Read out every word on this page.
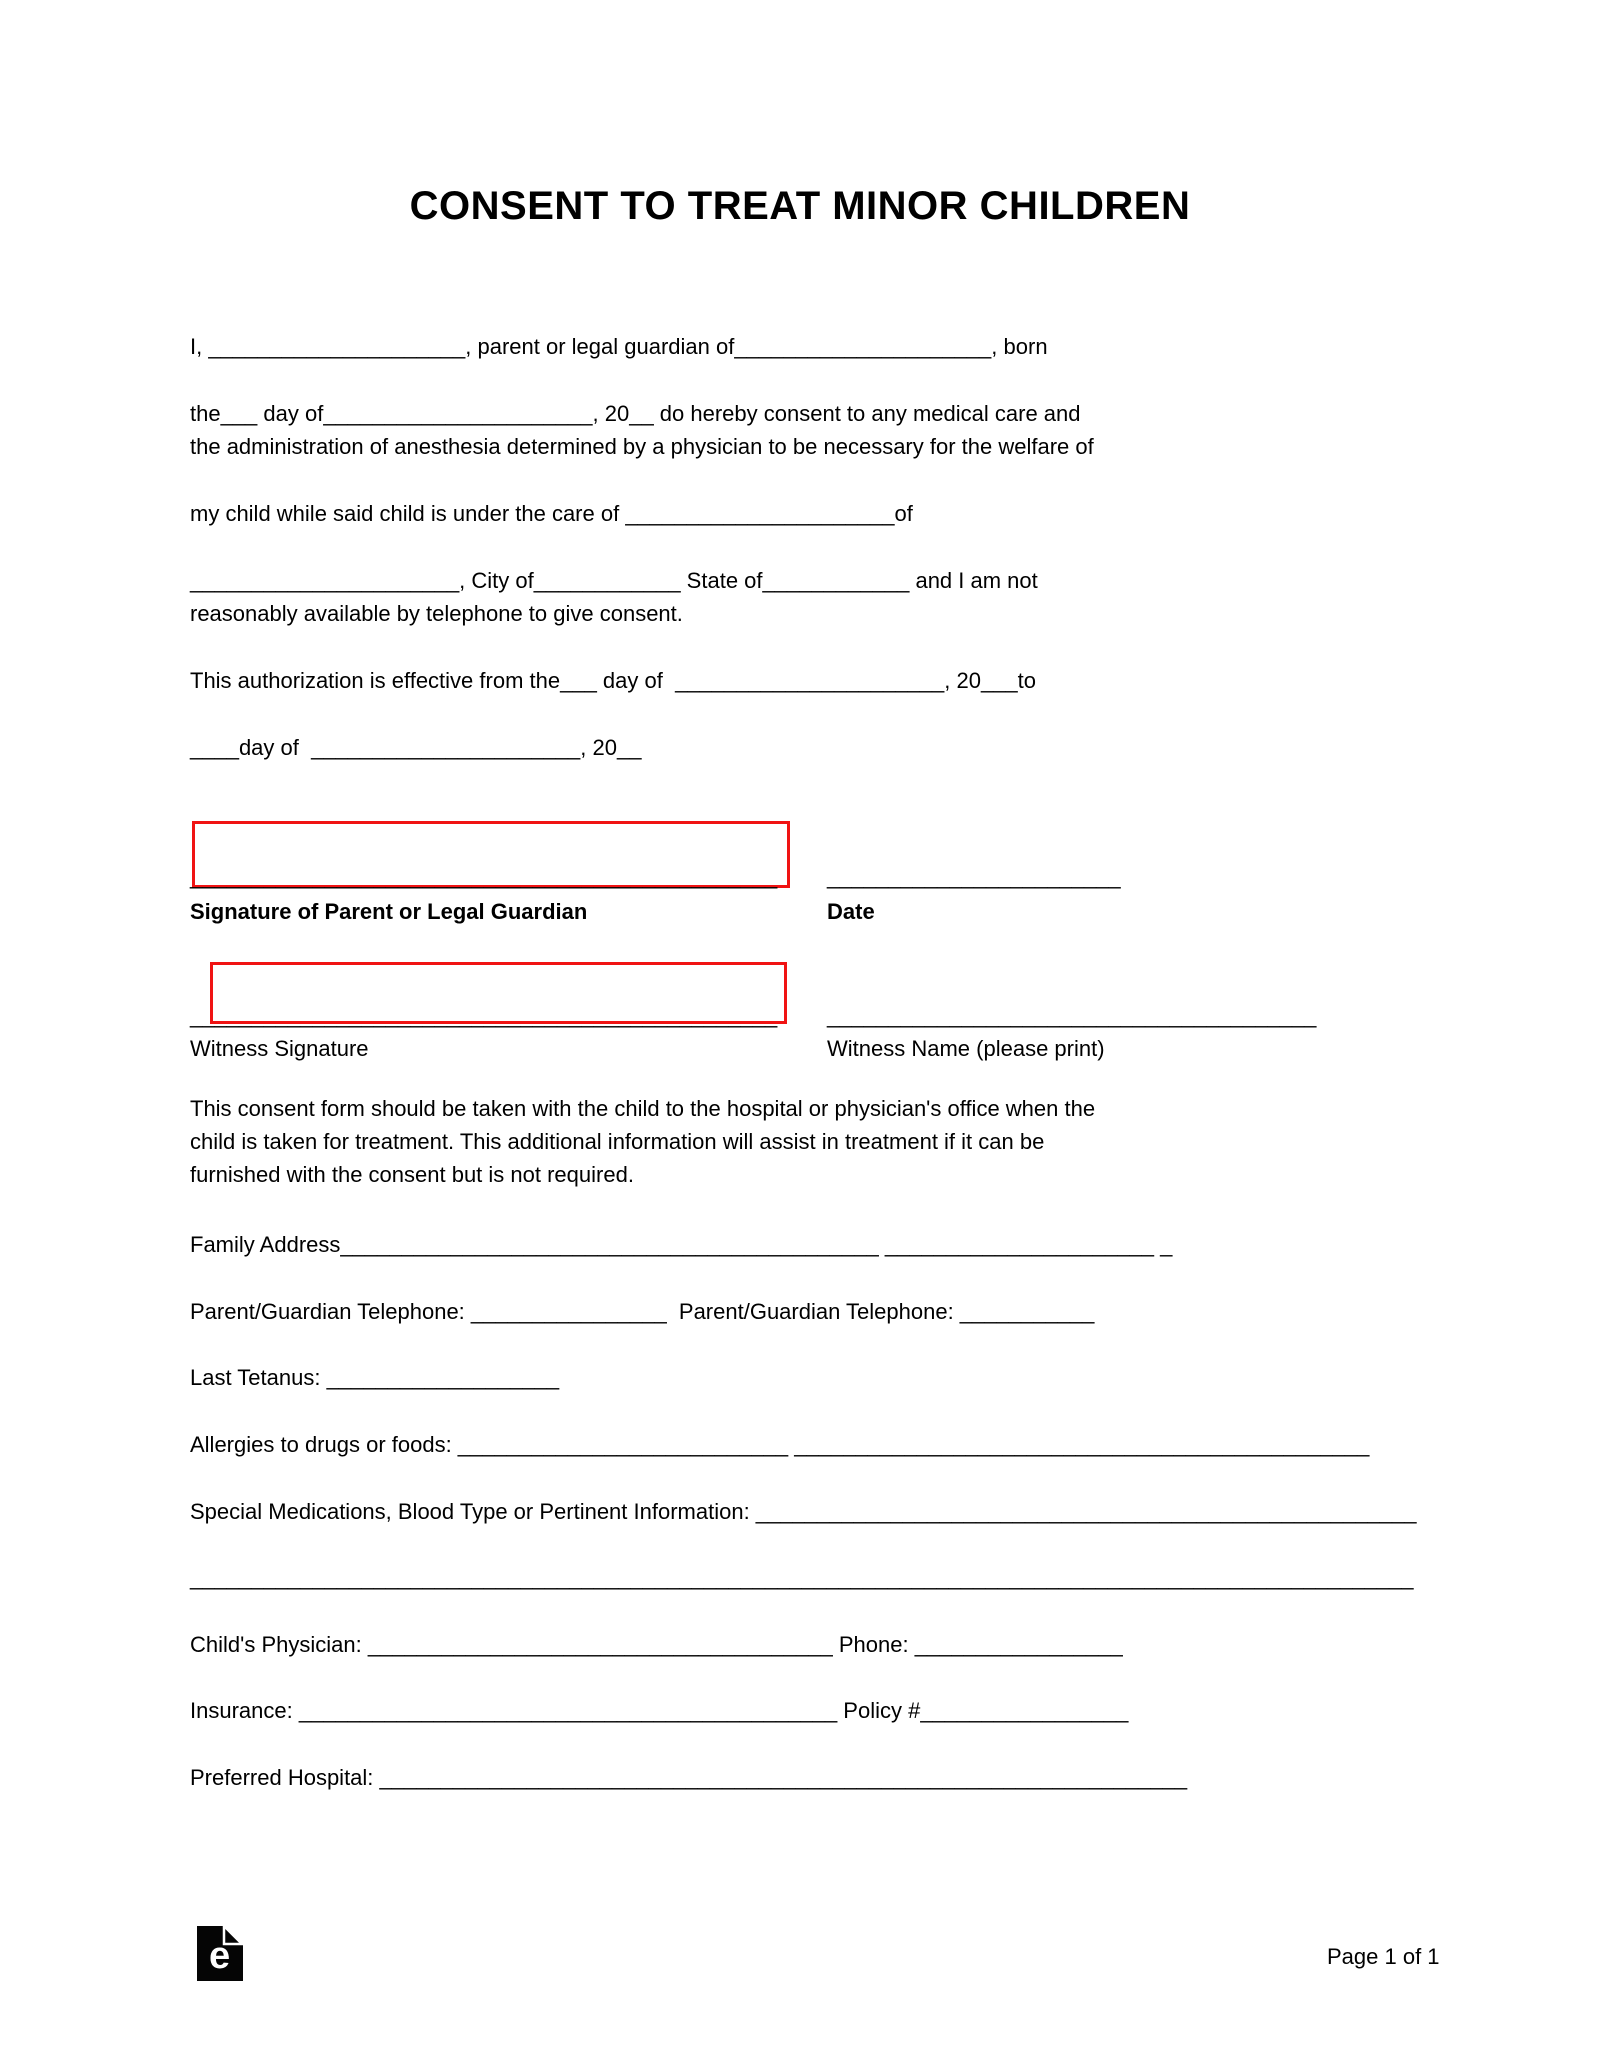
CONSENT TO TREAT MINOR CHILDREN
I, _____________________, parent or legal guardian of_____________________, born
the___ day of______________________, 20__ do hereby consent to any medical care and
the administration of anesthesia determined by a physician to be necessary for the welfare of
my child while said child is under the care of ______________________of
______________________, City of____________ State of____________ and I am not
reasonably available by telephone to give consent.
This authorization is effective from the___ day of  ______________________, 20___to
____day of  ______________________, 20__
________________________________________________ ________________________
Signature of Parent or Legal Guardian	Date
________________________________________________ ________________________________________
Witness Signature	Witness Name (please print)
This consent form should be taken with the child to the hospital or physician's office when the
child is taken for treatment. This additional information will assist in treatment if it can be
furnished with the consent but is not required.
Family Address____________________________________________ ______________________ _
Parent/Guardian Telephone: ________________  Parent/Guardian Telephone: ___________
Last Tetanus: ___________________
Allergies to drugs or foods: ___________________________ _______________________________________________
Special Medications, Blood Type or Pertinent Information: ______________________________________________________
____________________________________________________________________________________________________
Child's Physician: ______________________________________ Phone: _________________
Insurance: ____________________________________________ Policy #_________________
Preferred Hospital: __________________________________________________________________
e	Page 1 of 1
